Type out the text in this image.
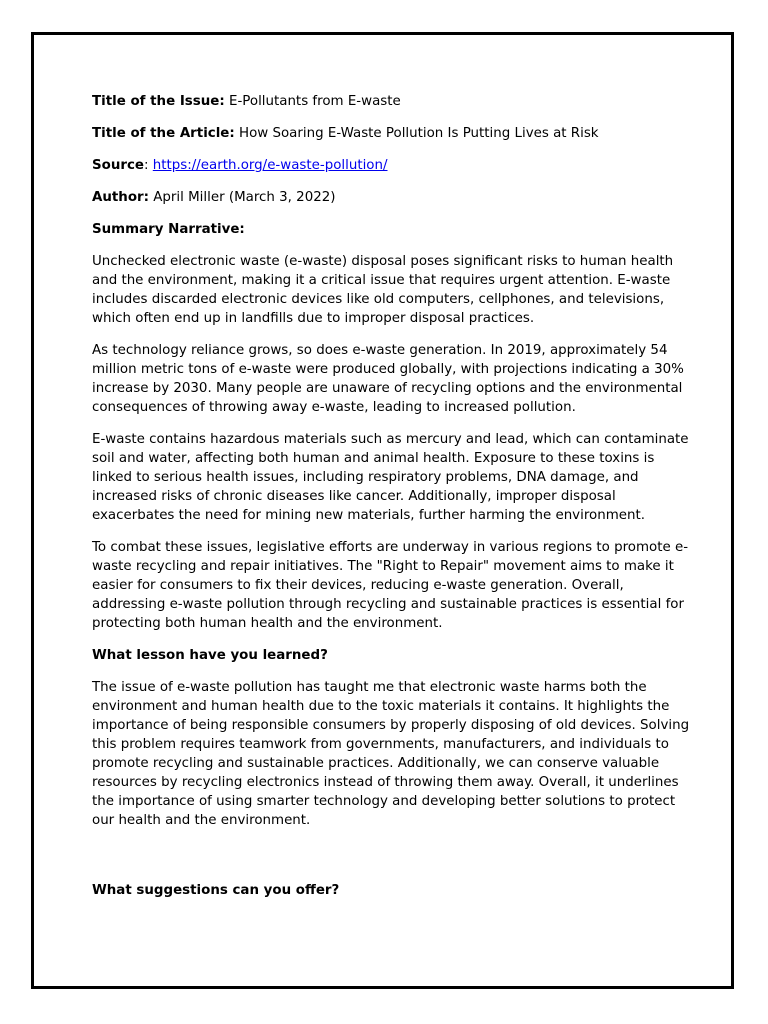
Title of the Issue: E-Pollutants from E-waste

Title of the Article: How Soaring E-Waste Pollution Is Putting Lives at Risk

Source: https://earth.org/e-waste-pollution/

Author: April Miller (March 3, 2022)

Summary Narrative:

Unchecked electronic waste (e-waste) disposal poses significant risks to human health and the environment, making it a critical issue that requires urgent attention. E-waste includes discarded electronic devices like old computers, cellphones, and televisions, which often end up in landfills due to improper disposal practices.

As technology reliance grows, so does e-waste generation. In 2019, approximately 54 million metric tons of e-waste were produced globally, with projections indicating a 30% increase by 2030. Many people are unaware of recycling options and the environmental consequences of throwing away e-waste, leading to increased pollution.

E-waste contains hazardous materials such as mercury and lead, which can contaminate soil and water, affecting both human and animal health. Exposure to these toxins is linked to serious health issues, including respiratory problems, DNA damage, and increased risks of chronic diseases like cancer. Additionally, improper disposal exacerbates the need for mining new materials, further harming the environment.

To combat these issues, legislative efforts are underway in various regions to promote e-waste recycling and repair initiatives. The "Right to Repair" movement aims to make it easier for consumers to fix their devices, reducing e-waste generation. Overall, addressing e-waste pollution through recycling and sustainable practices is essential for protecting both human health and the environment.

What lesson have you learned?

The issue of e-waste pollution has taught me that electronic waste harms both the environment and human health due to the toxic materials it contains. It highlights the importance of being responsible consumers by properly disposing of old devices. Solving this problem requires teamwork from governments, manufacturers, and individuals to promote recycling and sustainable practices. Additionally, we can conserve valuable resources by recycling electronics instead of throwing them away. Overall, it underlines the importance of using smarter technology and developing better solutions to protect our health and the environment.

What suggestions can you offer?
